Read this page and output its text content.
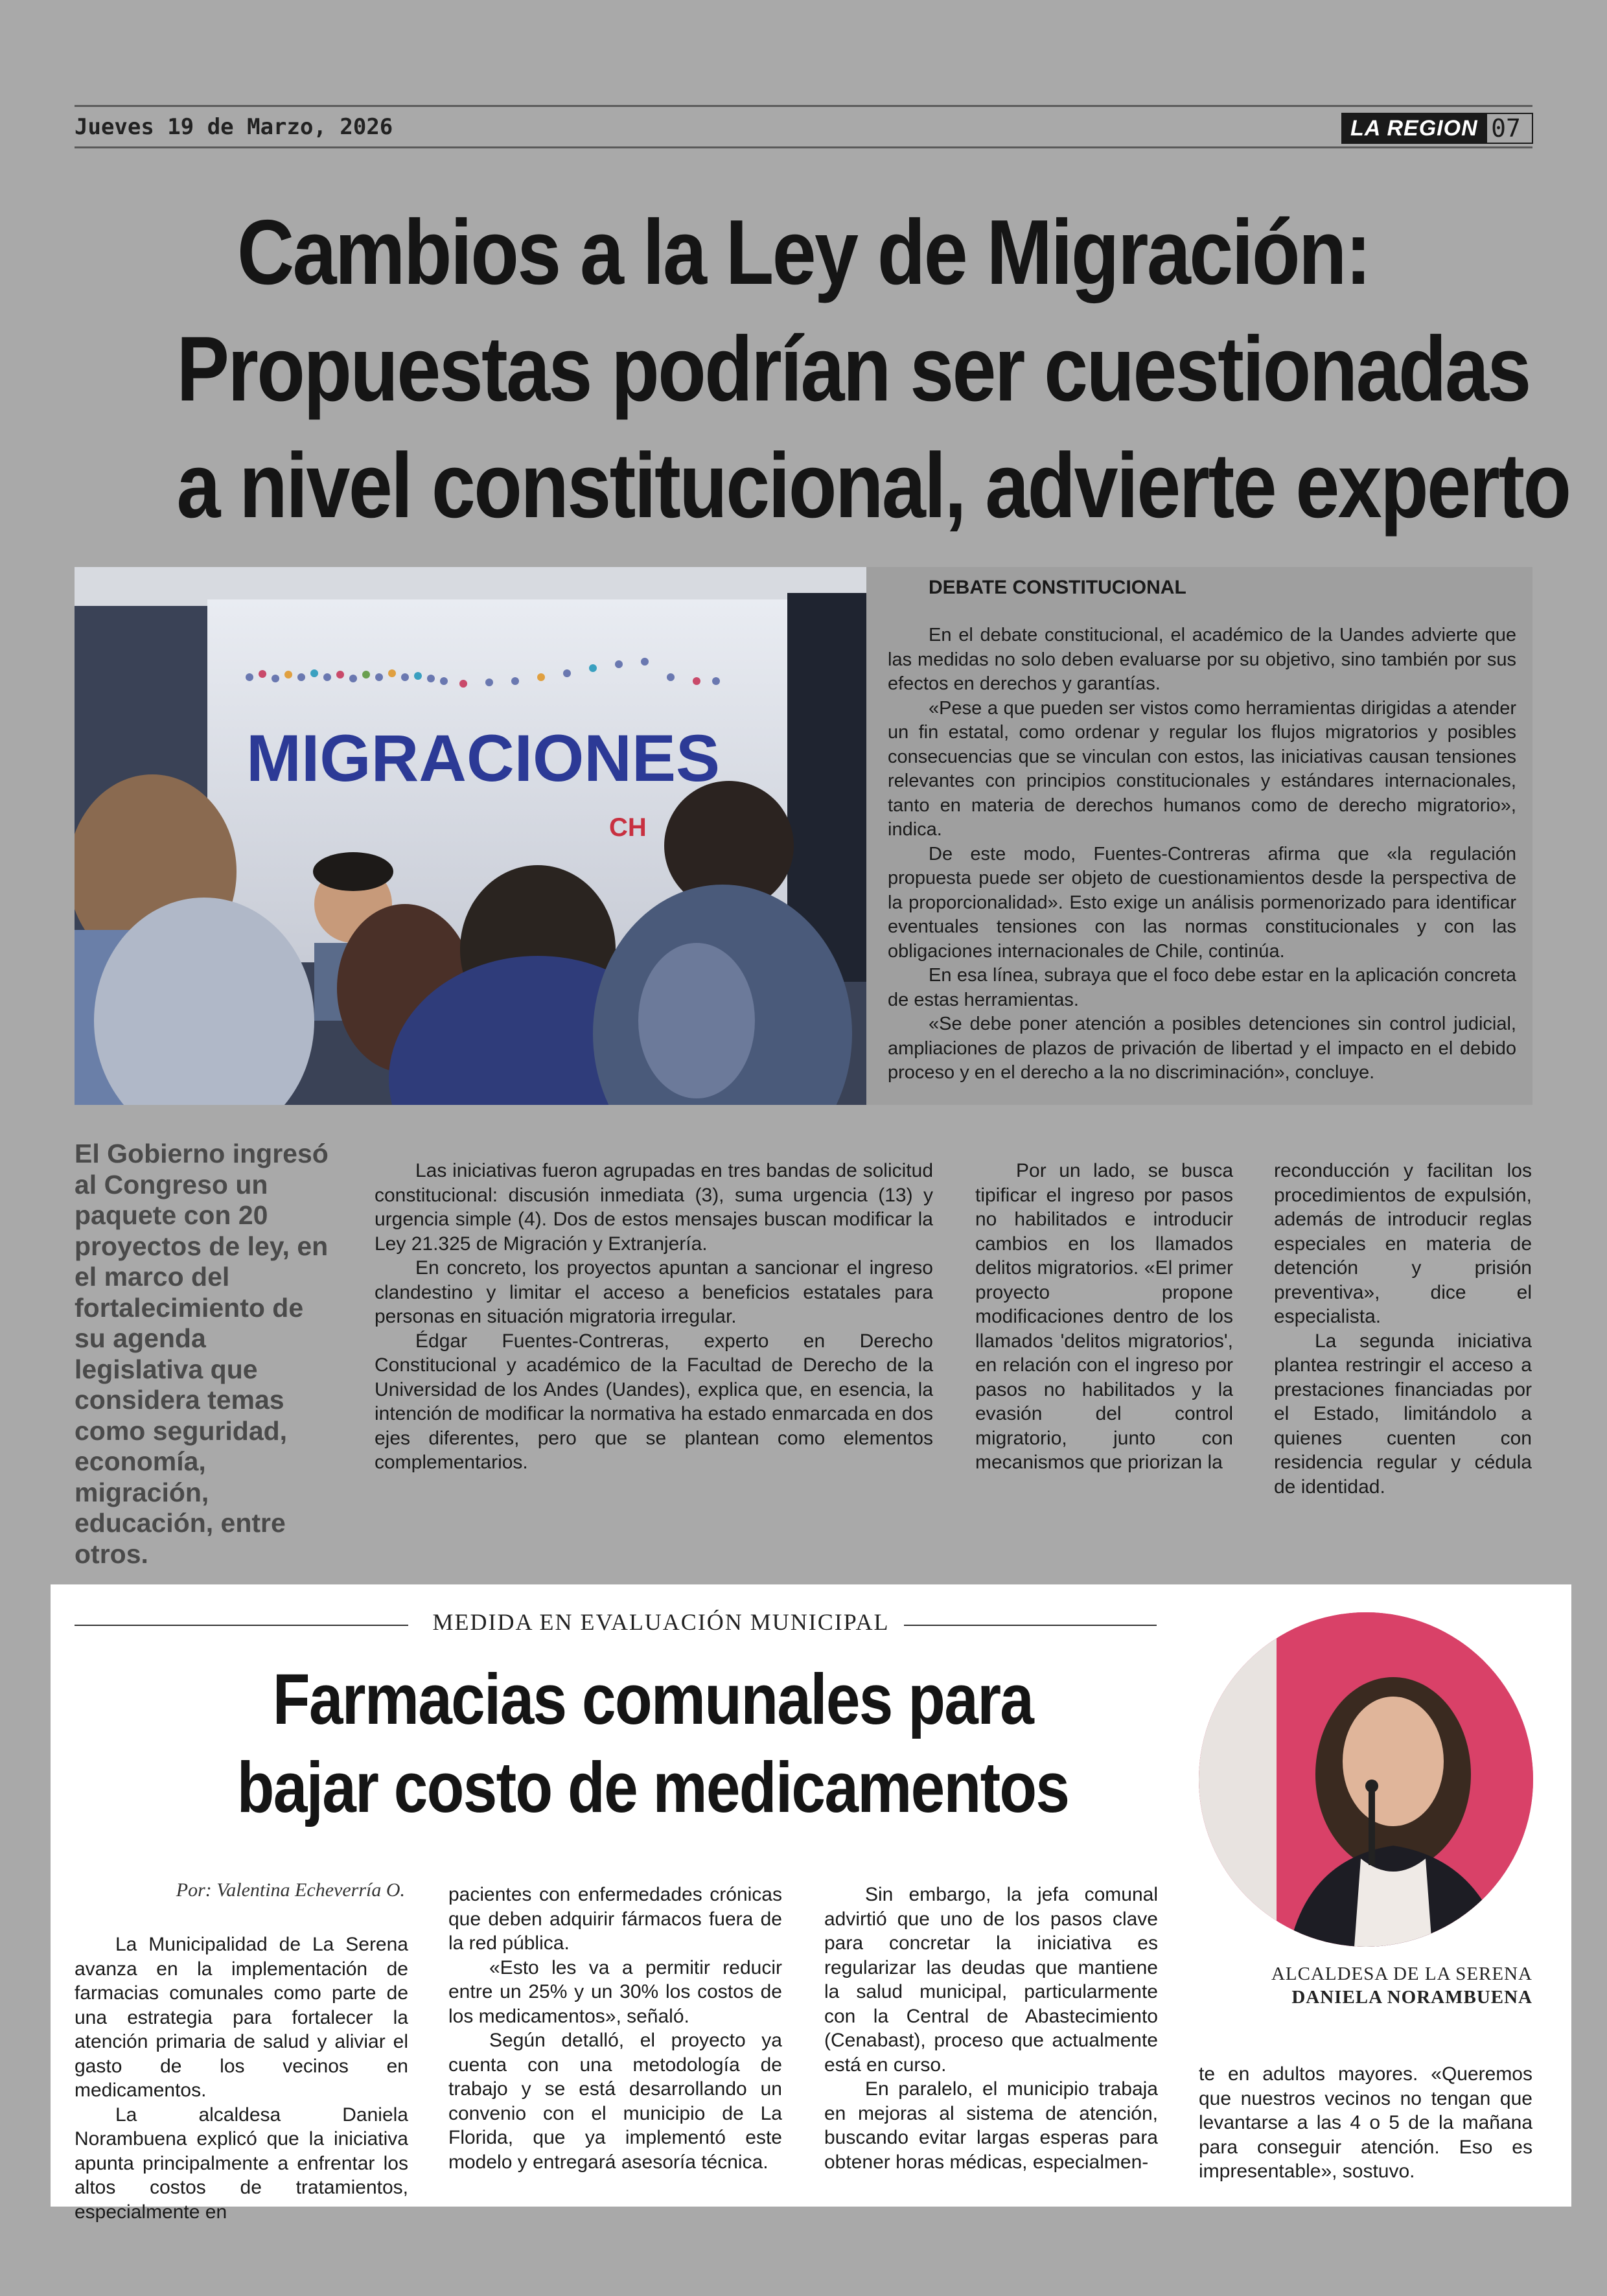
Jueves 19 de Marzo, 2026	LA REGION 07
Cambios a la Ley de Migración:
Propuestas podrían ser cuestionadas
a nivel constitucional, advierte experto
MIGRACIONES
CH
DEBATE CONSTITUCIONAL

En el debate constitucional, el académico de la Uandes advierte que las medidas no solo deben evaluarse por su objetivo, sino también por sus efectos en derechos y garantías.

«Pese a que pueden ser vistos como herramientas dirigidas a atender un fin estatal, como ordenar y regular los flujos migratorios y posibles consecuencias que se vinculan con estos, las iniciativas causan tensiones relevantes con principios constitucionales y estándares internacionales, tanto en materia de derechos humanos como de derecho migratorio», indica.

De este modo, Fuentes-Contreras afirma que «la regulación propuesta puede ser objeto de cuestionamientos desde la perspectiva de la proporcionalidad». Esto exige un análisis pormenorizado para identificar eventuales tensiones con las normas constitucionales y con las obligaciones internacionales de Chile, continúa.

En esa línea, subraya que el foco debe estar en la aplicación concreta de estas herramientas.

«Se debe poner atención a posibles detenciones sin control judicial, ampliaciones de plazos de privación de libertad y el impacto en el debido proceso y en el derecho a la no discriminación», concluye.

El Gobierno ingresó al Congreso un paquete con 20 proyectos de ley, en el marco del fortalecimiento de su agenda legislativa que considera temas como seguridad, economía, migración, educación, entre otros.

Las iniciativas fueron agrupadas en tres bandas de solicitud constitucional: discusión inmediata (3), suma urgencia (13) y urgencia simple (4). Dos de estos mensajes buscan modificar la Ley 21.325 de Migración y Extranjería.

En concreto, los proyectos apuntan a sancionar el ingreso clandestino y limitar el acceso a beneficios estatales para personas en situación migratoria irregular.

Édgar Fuentes-Contreras, experto en Derecho Constitucional y académico de la Facultad de Derecho de la Universidad de los Andes (Uandes), explica que, en esencia, la intención de modificar la normativa ha estado enmarcada en dos ejes diferentes, pero que se plantean como elementos complementarios.

Por un lado, se busca tipificar el ingreso por pasos no habilitados e introducir cambios en los llamados delitos migratorios. «El primer proyecto propone modificaciones dentro de los llamados 'delitos migratorios', en relación con el ingreso por pasos no habilitados y la evasión del control migratorio, junto con mecanismos que priorizan la

reconducción y facilitan los procedimientos de expulsión, además de introducir reglas especiales en materia de detención y prisión preventiva», dice el especialista.

La segunda iniciativa plantea restringir el acceso a prestaciones financiadas por el Estado, limitándolo a quienes cuenten con residencia regular y cédula de identidad.

MEDIDA EN EVALUACIÓN MUNICIPAL
Farmacias comunales para
bajar costo de medicamentos
Por: Valentina Echeverría O.

La Municipalidad de La Serena avanza en la implementación de farmacias comunales como parte de una estrategia para fortalecer la atención primaria de salud y aliviar el gasto de los vecinos en medicamentos.

La alcaldesa Daniela Norambuena explicó que la iniciativa apunta principalmente a enfrentar los altos costos de tratamientos, especialmente en

pacientes con enfermedades crónicas que deben adquirir fármacos fuera de la red pública.

«Esto les va a permitir reducir entre un 25% y un 30% los costos de los medicamentos», señaló.

Según detalló, el proyecto ya cuenta con una metodología de trabajo y se está desarrollando un convenio con el municipio de La Florida, que ya implementó este modelo y entregará asesoría técnica.

Sin embargo, la jefa comunal advirtió que uno de los pasos clave para concretar la iniciativa es regularizar las deudas que mantiene la salud municipal, particularmente con la Central de Abastecimiento (Cenabast), proceso que actualmente está en curso.

En paralelo, el municipio trabaja en mejoras al sistema de atención, buscando evitar largas esperas para obtener horas médicas, especialmen-

ALCALDESA DE LA SERENA
DANIELA NORAMBUENA

te en adultos mayores. «Queremos que nuestros vecinos no tengan que levantarse a las 4 o 5 de la mañana para conseguir atención. Eso es impresentable», sostuvo.
